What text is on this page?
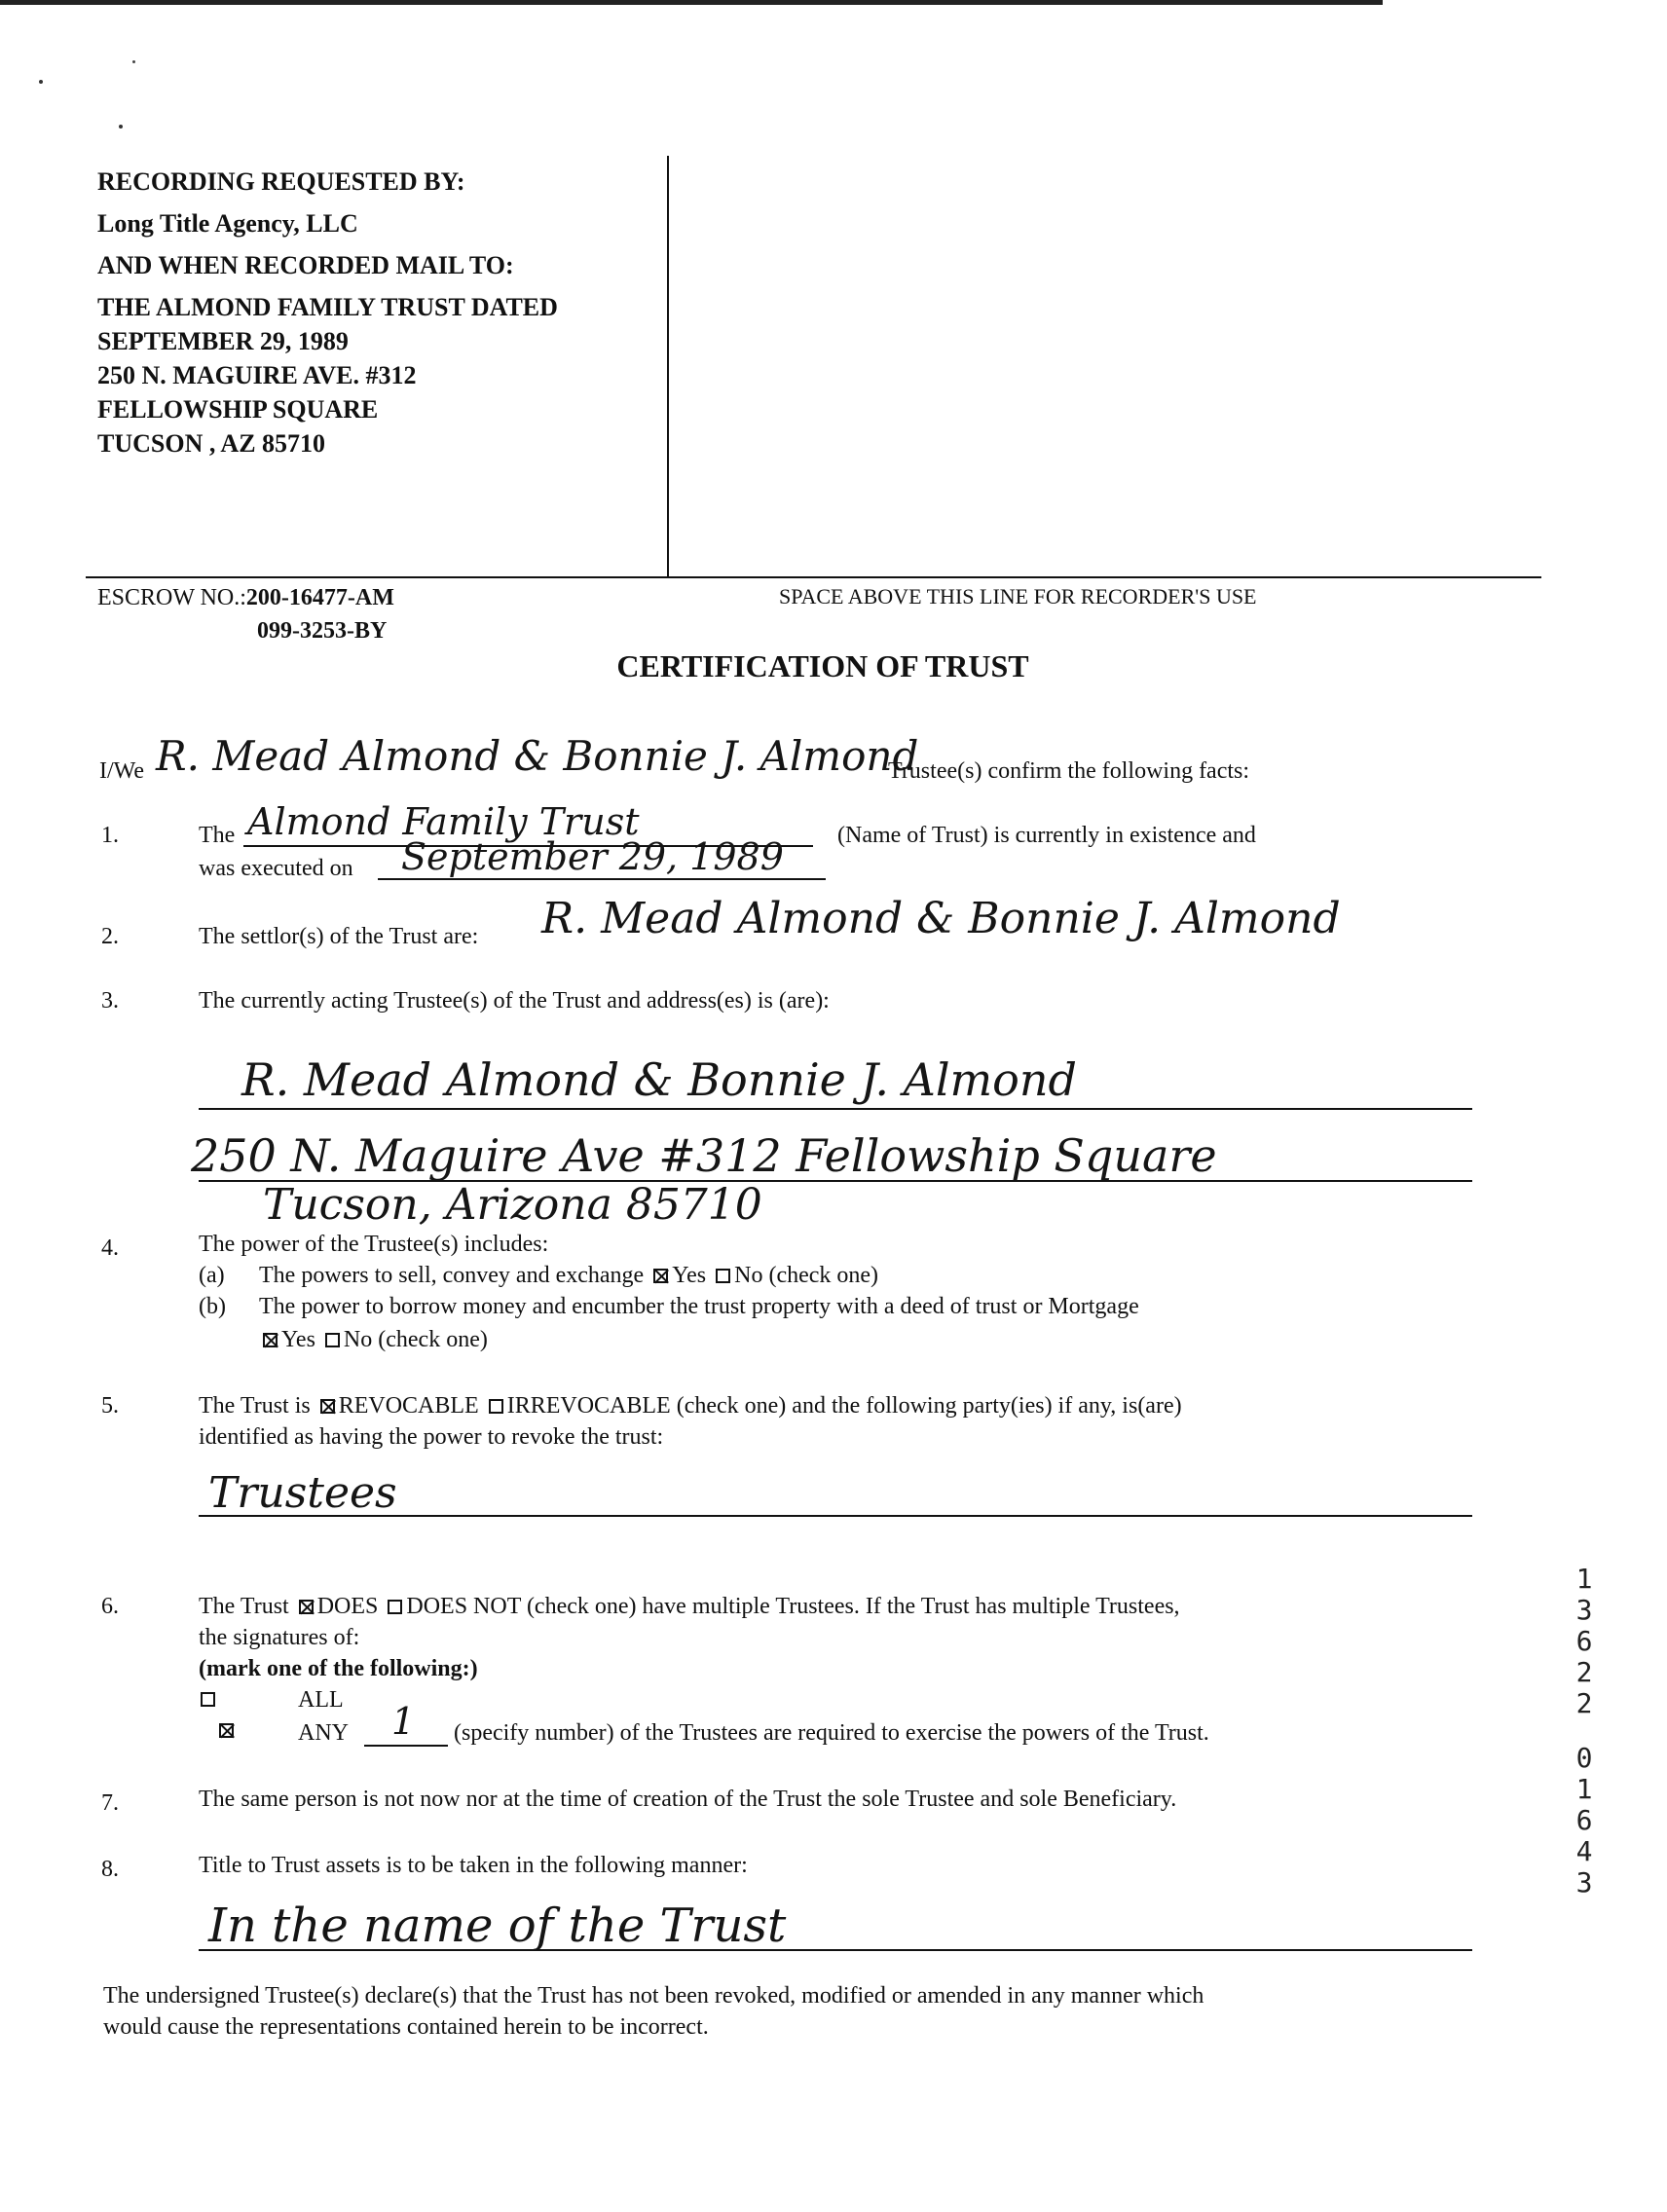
RECORDING REQUESTED BY:
Long Title Agency, LLC
AND WHEN RECORDED MAIL TO:
THE ALMOND FAMILY TRUST DATED
SEPTEMBER 29, 1989
250 N. MAGUIRE AVE. #312
FELLOWSHIP SQUARE
TUCSON , AZ 85710
ESCROW NO.:200-16477-AM
099-3253-BY
SPACE ABOVE THIS LINE FOR RECORDER'S USE
CERTIFICATION OF TRUST
I/We R. Mead Almond & Bonnie J. Almond
Trustee(s) confirm the following facts:
1.	The Almond Family Trust	(Name of Trust) is currently in existence and
was executed on September 29, 1989
2.	The settlor(s) of the Trust are: R. Mead Almond & Bonnie J. Almond
3.	The currently acting Trustee(s) of the Trust and address(es) is (are):
R. Mead Almond & Bonnie J. Almond
250 N. Maguire Ave #312 Fellowship Square
Tucson, Arizona 85710
4.	The power of the Trustee(s) includes:
(a) The powers to sell, convey and exchange Yes No (check one)
(b) The power to borrow money and encumber the trust property with a deed of trust or Mortgage
Yes No (check one)
5.	The Trust is REVOCABLE IRREVOCABLE (check one) and the following party(ies) if any, is(are)
identified as having the power to revoke the trust:
Trustees
6.	The Trust DOES DOES NOT (check one) have multiple Trustees. If the Trust has multiple Trustees,
the signatures of:
(mark one of the following:)

ALL
ANY 1 (specify number) of the Trustees are required to exercise the powers of the Trust.
7.	The same person is not now nor at the time of creation of the Trust the sole Trustee and sole Beneficiary.
8.	Title to Trust assets is to be taken in the following manner:
In the name of the Trust
The undersigned Trustee(s) declare(s) that the Trust has not been revoked, modified or amended in any manner which
would cause the representations contained herein to be incorrect.
1
3
6
2
2
0
1
6
4
3
